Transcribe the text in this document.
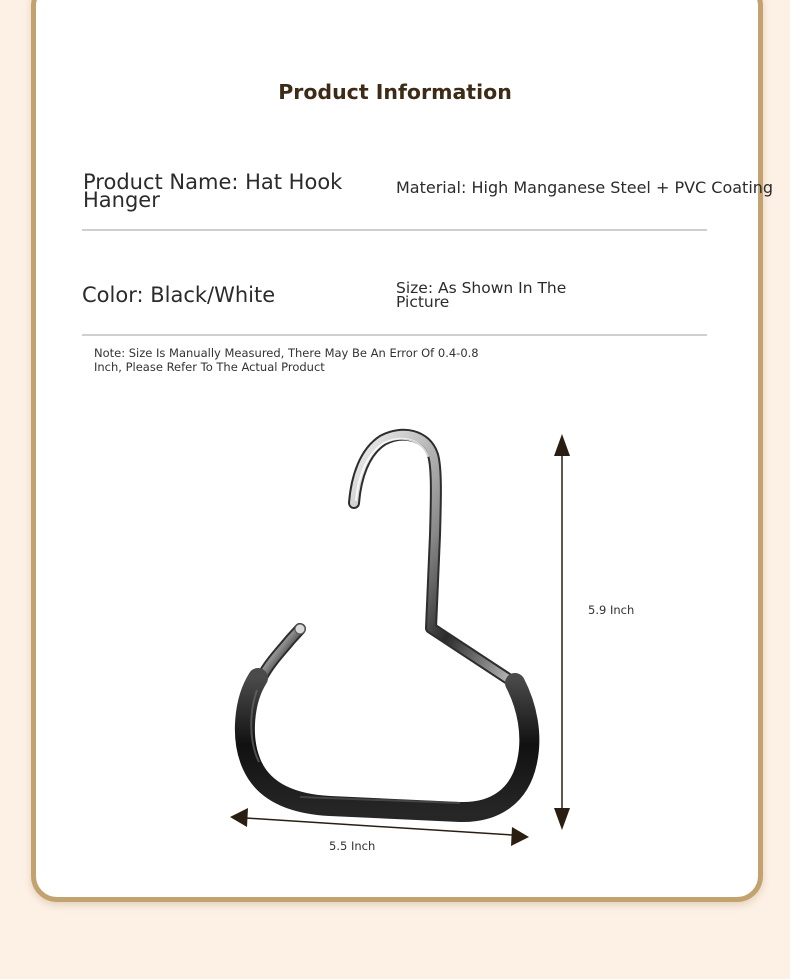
Product Information
Product Name: Hat Hook Hanger
Material: High Manganese Steel + PVC Coating
Color: Black/White	Size: As Shown In The Picture
Note: Size Is Manually Measured, There May Be An Error Of 0.4-0.8 Inch, Please Refer To The Actual Product
5.9 Inch
5.5 Inch
